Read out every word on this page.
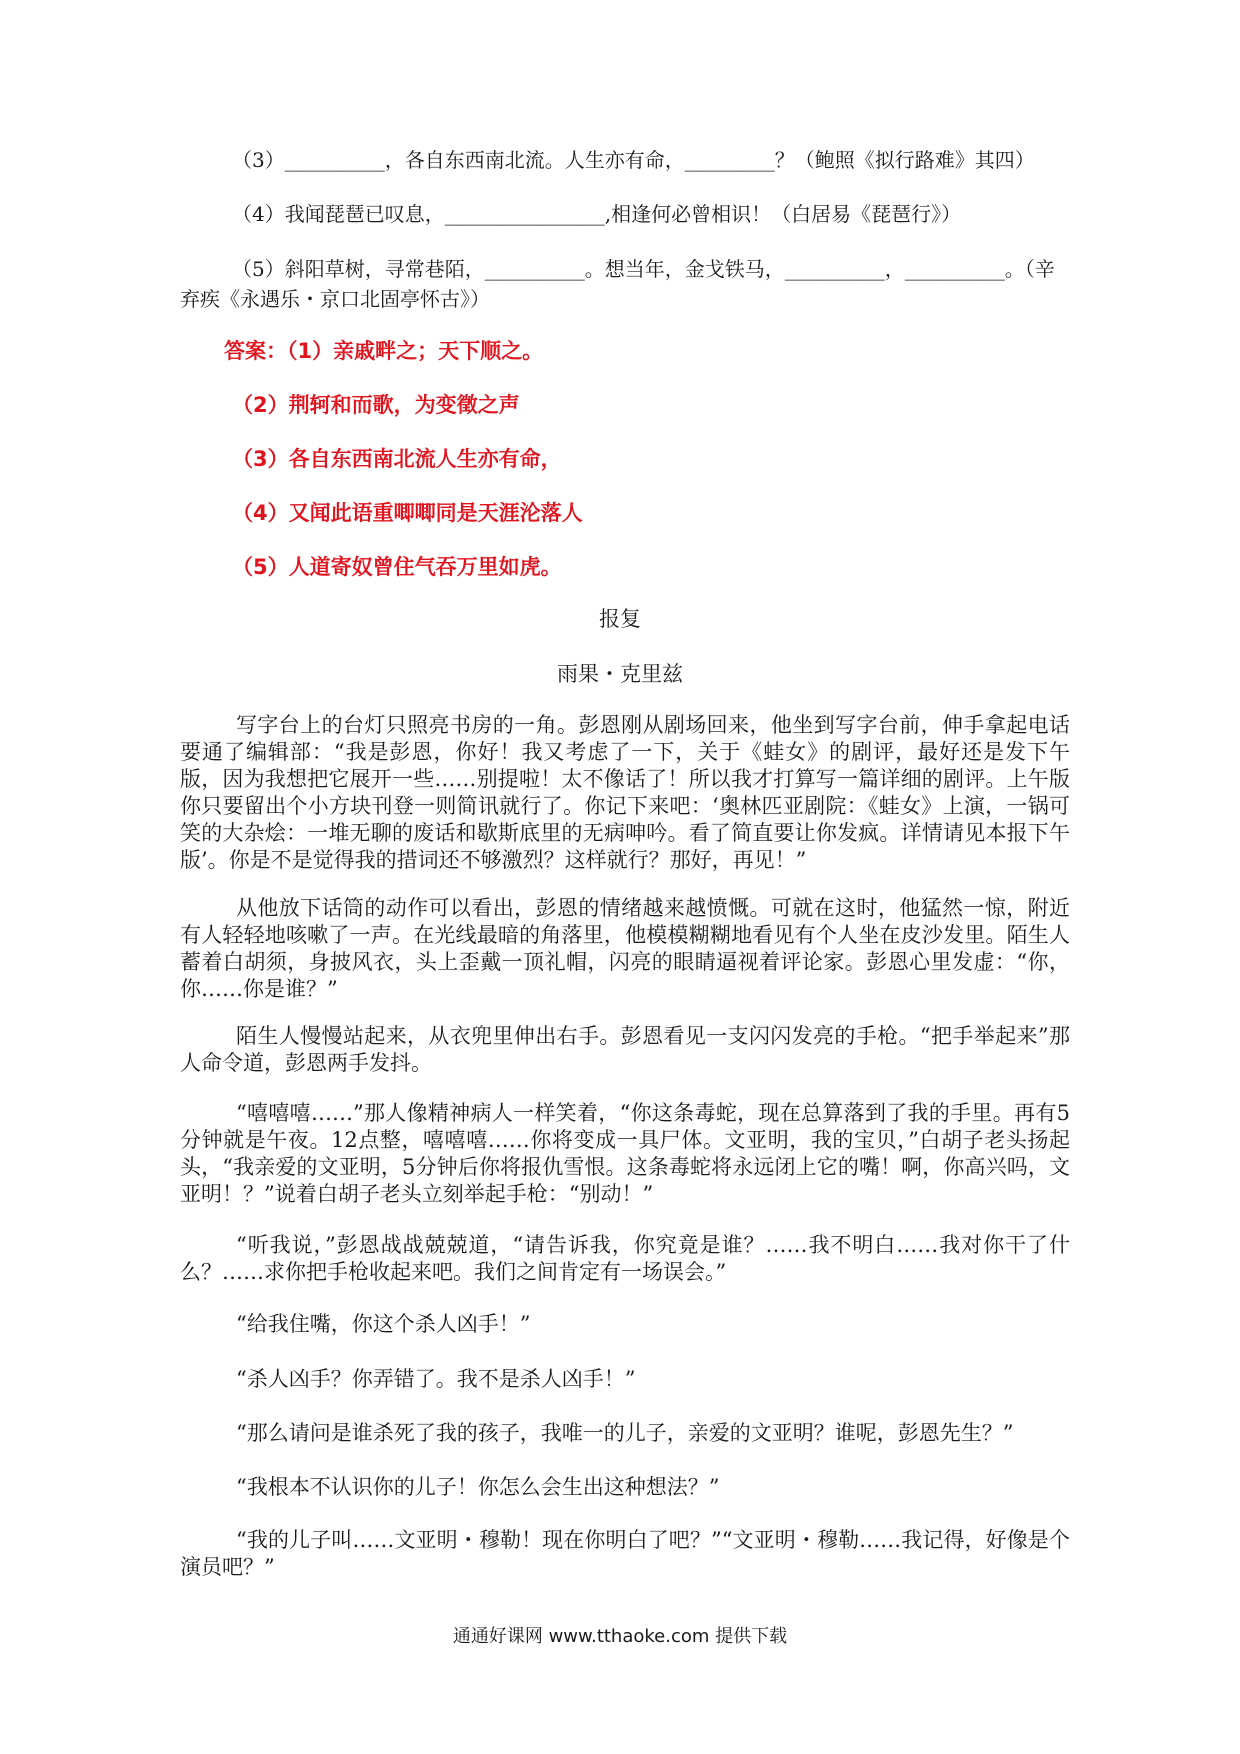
（3）__________，各自东西南北流。人生亦有命，_________？（鲍照《拟行路难》其四）
（4）我闻琵琶已叹息，________________,相逢何必曾相识！（白居易《琵琶行》）
（5）斜阳草树，寻常巷陌，__________。想当年，金戈铁马，__________，__________。（辛弃疾《永遇乐・京口北固亭怀古》）
答案：（1）亲戚畔之；天下顺之。
（2）荆轲和而歌，为变徵之声
（3）各自东西南北流人生亦有命，
（4）又闻此语重唧唧同是天涯沦落人
（5）人道寄奴曾住气吞万里如虎。
报复
雨果・克里兹
写字台上的台灯只照亮书房的一角。彭恩刚从剧场回来，他坐到写字台前，伸手拿起电话要通了编辑部：“我是彭恩，你好！我又考虑了一下，关于《蛙女》的剧评，最好还是发下午版，因为我想把它展开一些……别提啦！太不像话了！所以我才打算写一篇详细的剧评。上午版你只要留出个小方块刊登一则简讯就行了。你记下来吧：‘奥林匹亚剧院：《蛙女》上演，一锅可笑的大杂烩：一堆无聊的废话和歇斯底里的无病呻吟。看了简直要让你发疯。详情请见本报下午版’。你是不是觉得我的措词还不够激烈？这样就行？那好，再见！”
从他放下话筒的动作可以看出，彭恩的情绪越来越愤慨。可就在这时，他猛然一惊，附近有人轻轻地咳嗽了一声。在光线最暗的角落里，他模模糊糊地看见有个人坐在皮沙发里。陌生人蓄着白胡须，身披风衣，头上歪戴一顶礼帽，闪亮的眼睛逼视着评论家。彭恩心里发虚：“你，你……你是谁？”
陌生人慢慢站起来，从衣兜里伸出右手。彭恩看见一支闪闪发亮的手枪。“把手举起来”那人命令道，彭恩两手发抖。
“嘻嘻嘻……”那人像精神病人一样笑着，“你这条毒蛇，现在总算落到了我的手里。再有5分钟就是午夜。12点整，嘻嘻嘻……你将变成一具尸体。文亚明，我的宝贝，”白胡子老头扬起头，“我亲爱的文亚明，5分钟后你将报仇雪恨。这条毒蛇将永远闭上它的嘴！啊，你高兴吗，文亚明！？”说着白胡子老头立刻举起手枪：“别动！”
“听我说，”彭恩战战兢兢道，“请告诉我，你究竟是谁？……我不明白……我对你干了什么？……求你把手枪收起来吧。我们之间肯定有一场误会。”
“给我住嘴，你这个杀人凶手！”
“杀人凶手？你弄错了。我不是杀人凶手！”
“那么请问是谁杀死了我的孩子，我唯一的儿子，亲爱的文亚明？谁呢，彭恩先生？”
“我根本不认识你的儿子！你怎么会生出这种想法？”
“我的儿子叫……文亚明・穆勒！现在你明白了吧？”“文亚明・穆勒……我记得，好像是个演员吧？”
通通好课网 www.tthaoke.com 提供下载
